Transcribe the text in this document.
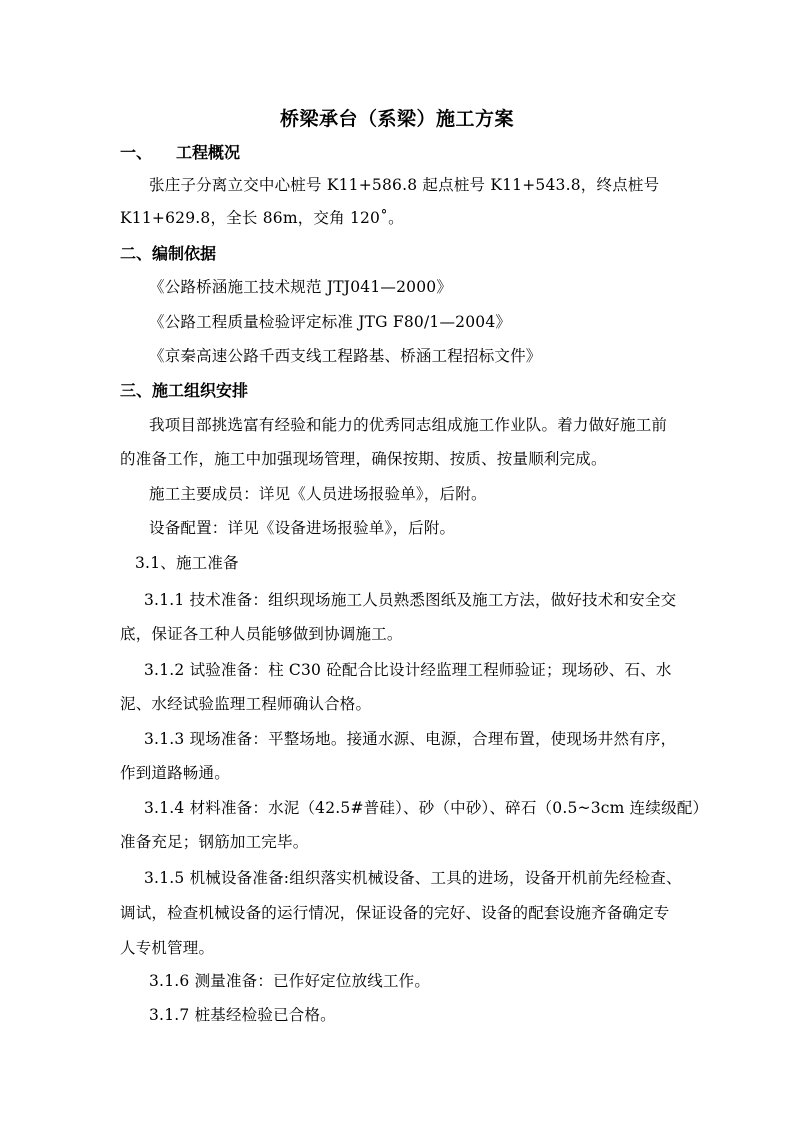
桥梁承台（系梁）施工方案
一、 工程概况
张庄子分离立交中心桩号 K11+586.8 起点桩号 K11+543.8，终点桩号
K11+629.8，全长 86m，交角 120˚。
二、编制依据
《公路桥涵施工技术规范 JTJ041—2000》
《公路工程质量检验评定标准 JTG F80/1—2004》
《京秦高速公路千西支线工程路基、桥涵工程招标文件》
三、施工组织安排
我项目部挑选富有经验和能力的优秀同志组成施工作业队。着力做好施工前
的准备工作，施工中加强现场管理，确保按期、按质、按量顺利完成。
施工主要成员：详见《人员进场报验单》，后附。
设备配置：详见《设备进场报验单》，后附。
3.1、施工准备
3.1.1 技术准备：组织现场施工人员熟悉图纸及施工方法，做好技术和安全交
底，保证各工种人员能够做到协调施工。
3.1.2 试验准备：柱 C30 砼配合比设计经监理工程师验证；现场砂、石、水
泥、水经试验监理工程师确认合格。
3.1.3 现场准备：平整场地。接通水源、电源，合理布置，使现场井然有序，
作到道路畅通。
3.1.4 材料准备：水泥（42.5#普硅）、砂（中砂）、碎石（0.5~3cm 连续级配）
准备充足；钢筋加工完毕。
3.1.5 机械设备准备:组织落实机械设备、工具的进场，设备开机前先经检查、
调试，检查机械设备的运行情况，保证设备的完好、设备的配套设施齐备确定专
人专机管理。
3.1.6 测量准备：已作好定位放线工作。
3.1.7 桩基经检验已合格。
